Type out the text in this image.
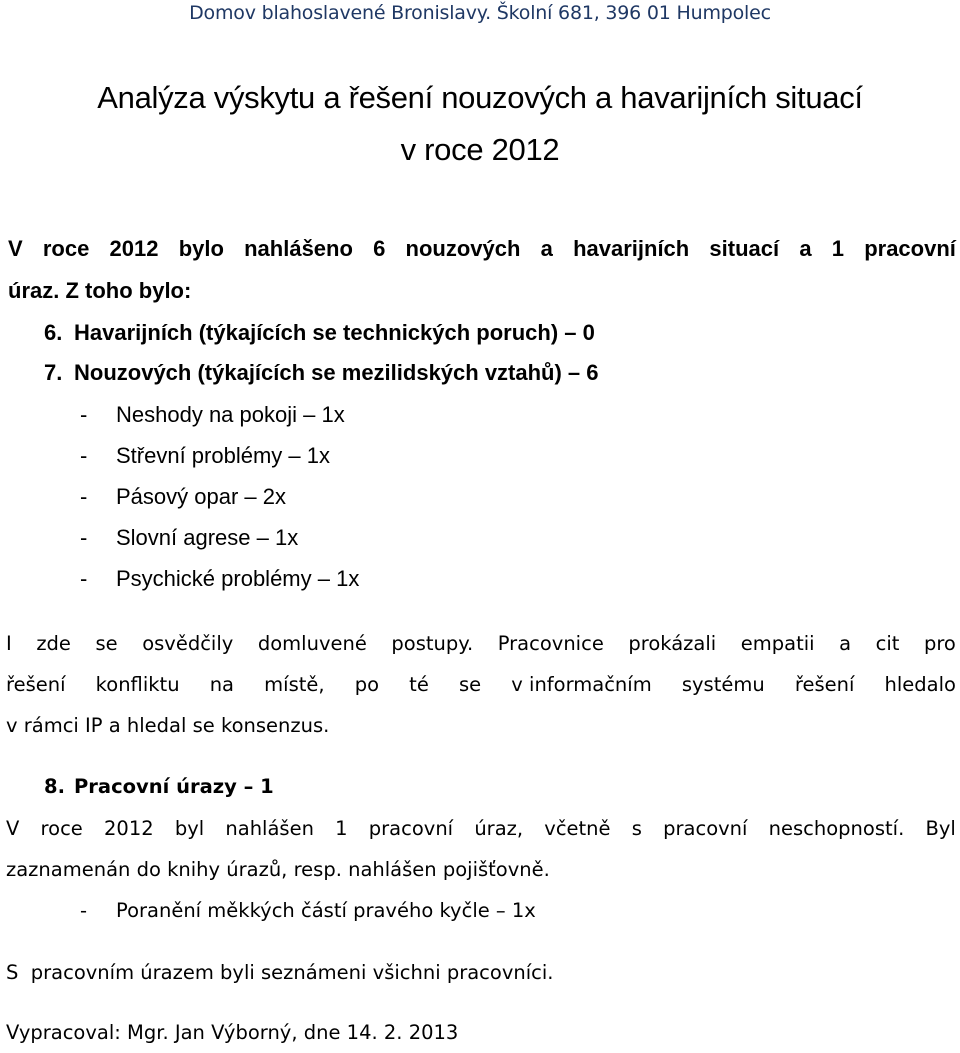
Domov blahoslavené Bronislavy. Školní 681, 396 01 Humpolec
Analýza výskytu a řešení nouzových a havarijních situací
v roce 2012
V roce 2012 bylo nahlášeno 6 nouzových a havarijních situací a 1 pracovní
úraz. Z toho bylo:
6. Havarijních (týkajících se technických poruch) – 0
7. Nouzových (týkajících se mezilidských vztahů) – 6
- Neshody na pokoji – 1x
- Střevní problémy – 1x
- Pásový opar – 2x
- Slovní agrese – 1x
- Psychické problémy – 1x
I zde se osvědčily domluvené postupy. Pracovnice prokázali empatii a cit pro
řešení konfliktu na místě, po té se v informačním systému řešení hledalo
v rámci IP a hledal se konsenzus.
8. Pracovní úrazy – 1
V roce 2012 byl nahlášen 1 pracovní úraz, včetně s pracovní neschopností. Byl
zaznamenán do knihy úrazů, resp. nahlášen pojišťovně.
- Poranění měkkých částí pravého kyčle – 1x
S  pracovním úrazem byli seznámeni všichni pracovníci.
Vypracoval: Mgr. Jan Výborný, dne 14. 2. 2013
